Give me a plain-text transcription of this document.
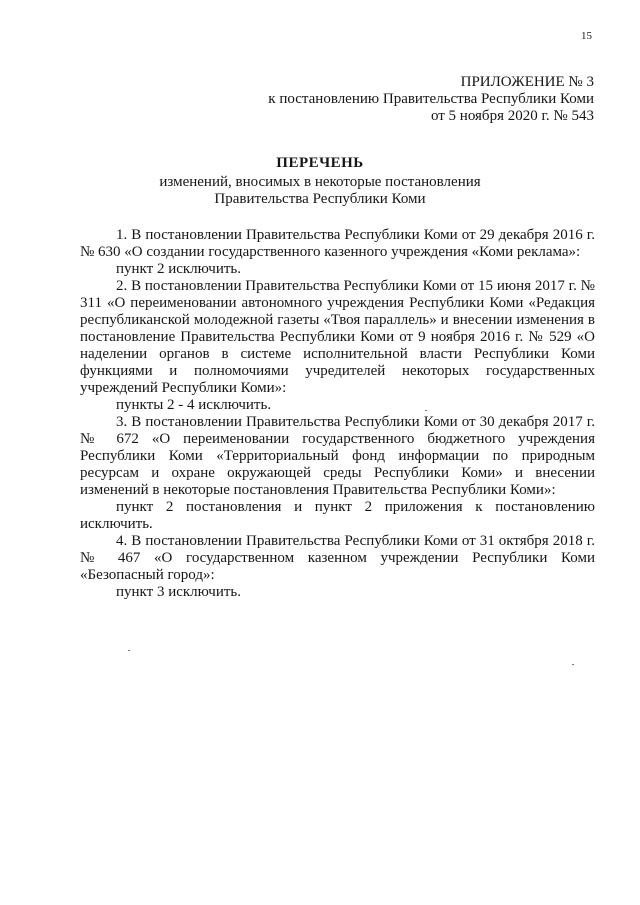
15
ПРИЛОЖЕНИЕ № 3
к постановлению Правительства Республики Коми
от 5 ноября 2020 г. № 543
ПЕРЕЧЕНЬ
изменений, вносимых в некоторые постановления
Правительства Республики Коми

1. В постановлении Правительства Республики Коми от 29 декабря 2016 г. № 630 «О создании государственного казенного учреждения «Коми реклама»:

пункт 2 исключить.

2. В постановлении Правительства Республики Коми от 15 июня 2017 г. № 311 «О переименовании автономного учреждения Республики Коми «Редакция республиканской молодежной газеты «Твоя параллель» и внесении изменения в постановление Правительства Республики Коми от 9 ноября 2016 г. № 529 «О наделении органов в системе исполнительной власти Республики Коми функциями и полномочиями учредителей некоторых государственных учреждений Республики Коми»:

пункты 2 - 4 исключить.

3. В постановлении Правительства Республики Коми от 30 декабря 2017 г. № 672 «О переименовании государственного бюджетного учреждения Республики Коми «Территориальный фонд информации по природным ресурсам и охране окружающей среды Республики Коми» и внесении изменений в некоторые постановления Правительства Республики Коми»:

пункт 2 постановления и пункт 2 приложения к постановлению исключить.

4. В постановлении Правительства Республики Коми от 31 октября 2018 г. № 467 «О государственном казенном учреждении Республики Коми «Безопасный город»:

пункт 3 исключить.
